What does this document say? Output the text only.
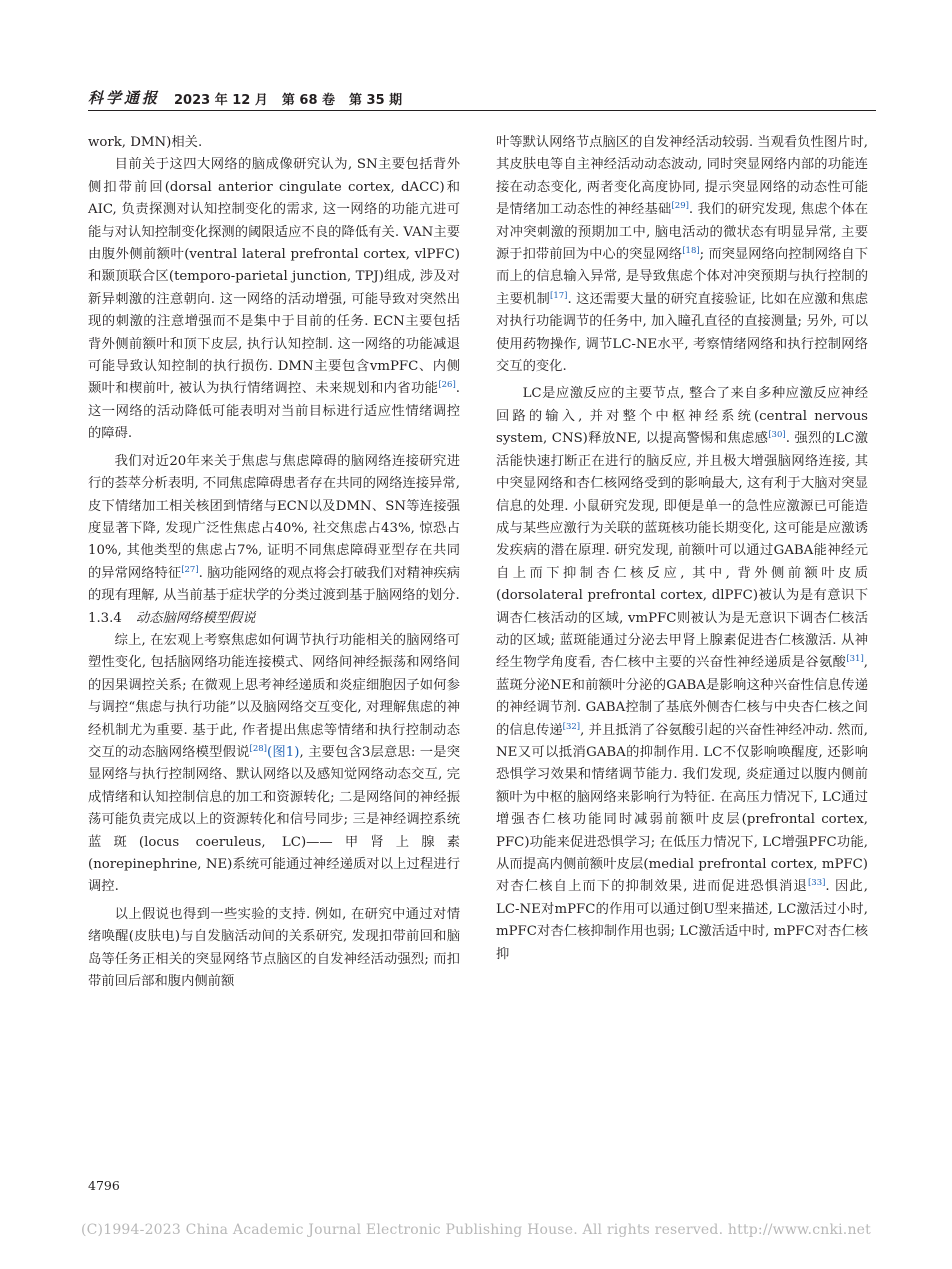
科学通报 2023 年 12 月 第 68 卷 第 35 期

work, DMN)相关.

目前关于这四大网络的脑成像研究认为, SN主要包括背外侧扣带前回(dorsal anterior cingulate cortex, dACC)和AIC, 负责探测对认知控制变化的需求, 这一网络的功能亢进可能与对认知控制变化探测的阈限适应不良的降低有关. VAN主要由腹外侧前额叶(ventral lateral prefrontal cortex, vlPFC)和颞顶联合区(temporo-parietal junction, TPJ)组成, 涉及对新异刺激的注意朝向. 这一网络的活动增强, 可能导致对突然出现的刺激的注意增强而不是集中于目前的任务. ECN主要包括背外侧前额叶和顶下皮层, 执行认知控制. 这一网络的功能减退可能导致认知控制的执行损伤. DMN主要包含vmPFC、内侧颞叶和楔前叶, 被认为执行情绪调控、未来规划和内省功能[26]. 这一网络的活动降低可能表明对当前目标进行适应性情绪调控的障碍.

我们对近20年来关于焦虑与焦虑障碍的脑网络连接研究进行的荟萃分析表明, 不同焦虑障碍患者存在共同的网络连接异常, 皮下情绪加工相关核团到情绪与ECN以及DMN、SN等连接强度显著下降, 发现广泛性焦虑占40%, 社交焦虑占43%, 惊恐占10%, 其他类型的焦虑占7%, 证明不同焦虑障碍亚型存在共同的异常网络特征[27]. 脑功能网络的观点将会打破我们对精神疾病的现有理解, 从当前基于症状学的分类过渡到基于脑网络的划分.

1.3.4 动态脑网络模型假说

综上, 在宏观上考察焦虑如何调节执行功能相关的脑网络可塑性变化, 包括脑网络功能连接模式、网络间神经振荡和网络间的因果调控关系; 在微观上思考神经递质和炎症细胞因子如何参与调控“焦虑与执行功能”以及脑网络交互变化, 对理解焦虑的神经机制尤为重要. 基于此, 作者提出焦虑等情绪和执行控制动态交互的动态脑网络模型假说[28](图1), 主要包含3层意思: 一是突显网络与执行控制网络、默认网络以及感知觉网络动态交互, 完成情绪和认知控制信息的加工和资源转化; 二是网络间的神经振荡可能负责完成以上的资源转化和信号同步; 三是神经调控系统蓝斑(locus coeruleus, LC)——甲肾上腺素(norepinephrine, NE)系统可能通过神经递质对以上过程进行调控.

以上假说也得到一些实验的支持. 例如, 在研究中通过对情绪唤醒(皮肤电)与自发脑活动间的关系研究, 发现扣带前回和脑岛等任务正相关的突显网络节点脑区的自发神经活动强烈; 而扣带前回后部和腹内侧前额

叶等默认网络节点脑区的自发神经活动较弱. 当观看负性图片时, 其皮肤电等自主神经活动动态波动, 同时突显网络内部的功能连接在动态变化, 两者变化高度协同, 提示突显网络的动态性可能是情绪加工动态性的神经基础[29]. 我们的研究发现, 焦虑个体在对冲突刺激的预期加工中, 脑电活动的微状态有明显异常, 主要源于扣带前回为中心的突显网络[18]; 而突显网络向控制网络自下而上的信息输入异常, 是导致焦虑个体对冲突预期与执行控制的主要机制[17]. 这还需要大量的研究直接验证, 比如在应激和焦虑对执行功能调节的任务中, 加入瞳孔直径的直接测量; 另外, 可以使用药物操作, 调节LC-NE水平, 考察情绪网络和执行控制网络交互的变化.

LC是应激反应的主要节点, 整合了来自多种应激反应神经回路的输入, 并对整个中枢神经系统(central nervous system, CNS)释放NE, 以提高警惕和焦虑感[30]. 强烈的LC激活能快速打断正在进行的脑反应, 并且极大增强脑网络连接, 其中突显网络和杏仁核网络受到的影响最大, 这有利于大脑对突显信息的处理. 小鼠研究发现, 即便是单一的急性应激源已可能造成与某些应激行为关联的蓝斑核功能长期变化, 这可能是应激诱发疾病的潜在原理. 研究发现, 前额叶可以通过GABA能神经元自上而下抑制杏仁核反应, 其中, 背外侧前额叶皮质(dorsolateral prefrontal cortex, dlPFC)被认为是有意识下调杏仁核活动的区域, vmPFC则被认为是无意识下调杏仁核活动的区域; 蓝斑能通过分泌去甲肾上腺素促进杏仁核激活. 从神经生物学角度看, 杏仁核中主要的兴奋性神经递质是谷氨酸[31], 蓝斑分泌NE和前额叶分泌的GABA是影响这种兴奋性信息传递的神经调节剂. GABA控制了基底外侧杏仁核与中央杏仁核之间的信息传递[32], 并且抵消了谷氨酸引起的兴奋性神经冲动. 然而, NE又可以抵消GABA的抑制作用. LC不仅影响唤醒度, 还影响恐惧学习效果和情绪调节能力. 我们发现, 炎症通过以腹内侧前额叶为中枢的脑网络来影响行为特征. 在高压力情况下, LC通过增强杏仁核功能同时减弱前额叶皮层(prefrontal cortex, PFC)功能来促进恐惧学习; 在低压力情况下, LC增强PFC功能, 从而提高内侧前额叶皮层(medial prefrontal cortex, mPFC)对杏仁核自上而下的抑制效果, 进而促进恐惧消退[33]. 因此, LC-NE对mPFC的作用可以通过倒U型来描述, LC激活过小时, mPFC对杏仁核抑制作用也弱; LC激活适中时, mPFC对杏仁核抑

4796
(C)1994-2023 China Academic Journal Electronic Publishing House. All rights reserved. http://www.cnki.net
